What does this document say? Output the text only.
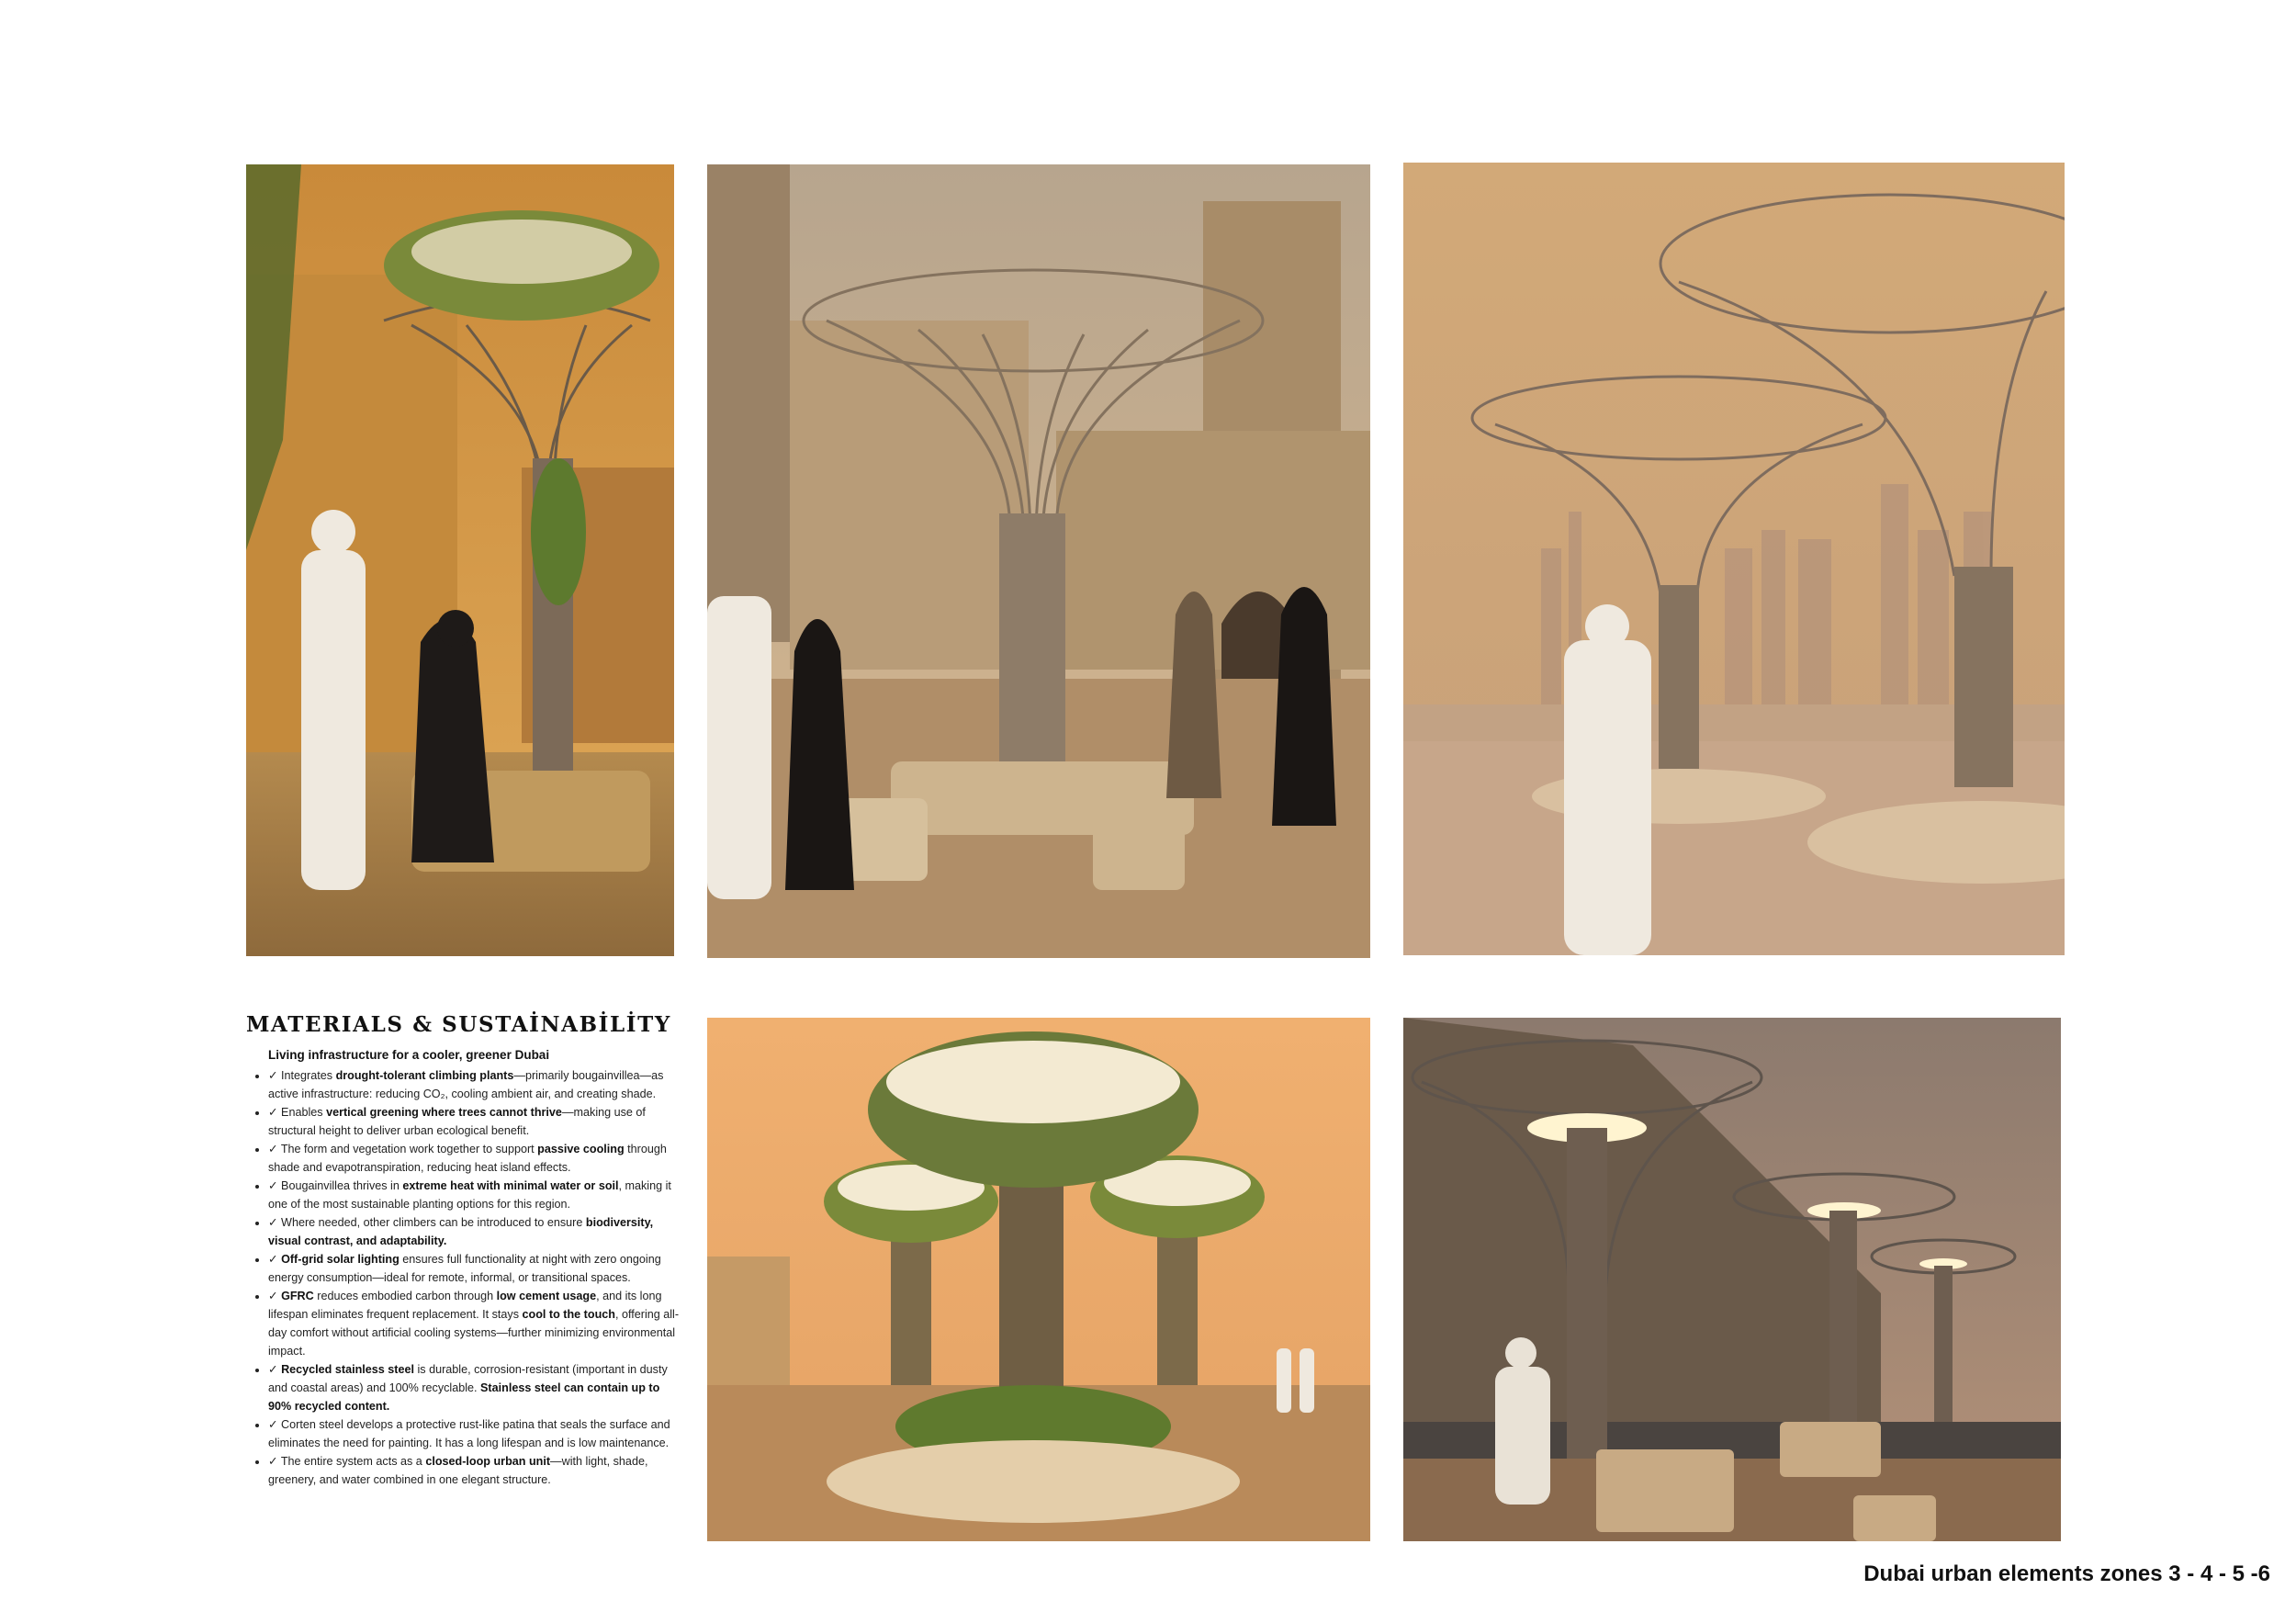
MATERIALS & SUSTAİNABİLİTY
Living infrastructure for a cooler, greener Dubai
• ✓ Integrates drought-tolerant climbing plants—primarily bougainvillea—as active infrastructure: reducing CO₂, cooling ambient air, and creating shade.
• ✓ Enables vertical greening where trees cannot thrive—making use of structural height to deliver urban ecological benefit.
• ✓ The form and vegetation work together to support passive cooling through shade and evapotranspiration, reducing heat island effects.
• ✓ Bougainvillea thrives in extreme heat with minimal water or soil, making it one of the most sustainable planting options for this region.
• ✓ Where needed, other climbers can be introduced to ensure biodiversity, visual contrast, and adaptability.
• ✓ Off-grid solar lighting ensures full functionality at night with zero ongoing energy consumption—ideal for remote, informal, or transitional spaces.
• ✓ GFRC reduces embodied carbon through low cement usage, and its long lifespan eliminates frequent replacement. It stays cool to the touch, offering all-day comfort without artificial cooling systems—further minimizing environmental impact.
• ✓ Recycled stainless steel is durable, corrosion-resistant (important in dusty and coastal areas) and 100% recyclable. Stainless steel can contain up to 90% recycled content.
• ✓ Corten steel develops a protective rust-like patina that seals the surface and eliminates the need for painting. It has a long lifespan and is low maintenance.
• ✓ The entire system acts as a closed-loop urban unit—with light, shade, greenery, and water combined in one elegant structure.
Dubai urban elements zones 3 - 4 - 5 -6
